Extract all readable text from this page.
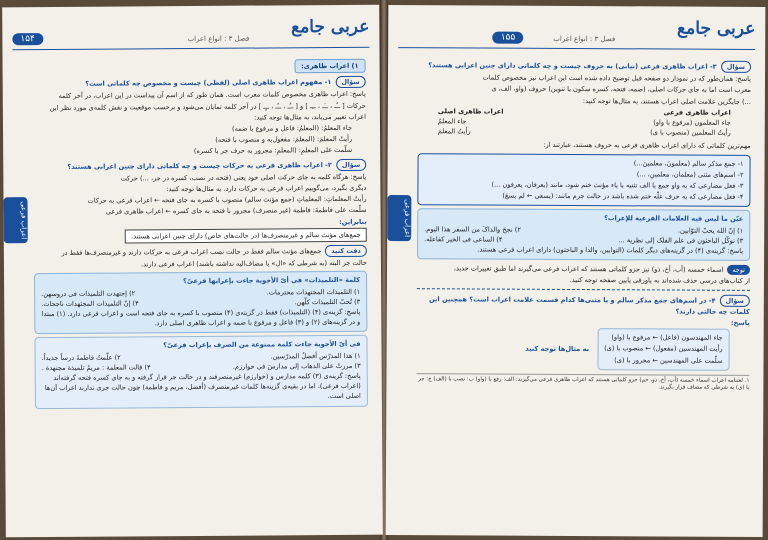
عربی جامع
فصل ۳ : انواع اعراب
۱۵۴
اعراب فرعی
۱) اعراب ظاهری:

سؤال۱- مفهوم اعراب ظاهری اصلی (لفظی) چیست و مخصوص چه کلماتی است؟

پاسخ: اعراب ظاهری مخصوص کلمات معرب است. همان طور که از اسم آن پیداست در این اعراب، در آخر کلمه

حرکات [ ــُـ ، ــَـ ، ــِـ ] و [ ــٌـ ، ــًـ ، ــٍـ ] در آخر کلمه نمایان می‌شود و برحسب موقعیت و نقش کلمه‌ی مورد نظر این

اعراب تغییر می‌یابد، به مثال‌ها توجه کنید:

جاء المعلمُ: (المعلمُ: فاعل و مرفوع با ضمه)

رأیتُ المعلمَ: (المعلمَ: مفعول‌به و منصوب با فتحه)

سلّمت علی المعلمِ: (المعلمِ: مجرور به حرف جر با کسره)

سؤال۲- اعراب ظاهری فرعی به حرکات چیست و چه کلماتی دارای چنین اعرابی هستند؟

پاسخ: هرگاه کلمه به جای حرکت اصلی خود یعنی (فتحه در نصب، کسره در جر، ...) حرکت

دیگری بگیرد، می‌گوییم اعراب فرعی به حرکات دارد. به مثال‌ها توجه کنید:

رأیتُ المعلماتِ: المعلماتِ (جمع مؤنث سالم) منصوب با کسره به جای فتحه ← اعراب فرعی به حرکات

سلّمت علی فاطمةَ: فاطمة (غیر منصرف) مجرور با فتحه به جای کسره ← اعراب ظاهری فرعی

بنابراین:

جمع‌های مؤنث سالم و غیرمنصرف‌ها (در حالت‌های خاص) دارای چنین اعرابی هستند.

دقت کنیدجمع‌های مؤنث سالم فقط در حالت نصب اعراب فرعی به حرکات دارند و غیرمنصرف‌ها فقط در

حالت جر البته (به شرطی که «ال» یا مضاف‌الیه نداشته باشند) اعراب فرعی دارند.

کلمة «التلمیذات» فی أیّ الأجوبة جاءت بإعرابها فرعیّ؟

۱) التلمیذات المجتهدات محترمات.
۲) إجتهدت التلمیذات فی دروسهن.
۳) تُحبّ التلمیذات کلّهن.
۴) إنّ التلمیذات المجتهدات ناجحات.

پاسخ: گزینه‌ی (۴) (التلمیذات) فقط در گزینه‌ی (۴) منصوب با کسره به جای فتحه است و اعراب فرعی دارد. (۱) مبتدا و در گزینه‌های (۲) و (۳) فاعل و مرفوع با ضمه و اعراب ظاهری اصلی دارد.

فی أیّ الأجوبة جاءت کلمة ممنوعة من الصرف بإعراب فرعیّ؟

۱) هذا المدرّس أفضلُ المدرّسین.
۲) علّمتُ فاطمةَ درساً جدیداً.
۳) مررتُ علی الذهاب إلی مدارسَ فی خوارزم.
۴) قالت المعلمة : مریمُ تلمیذة مجتهدة .

پاسخ: گزینه‌ی (۳) کلمه مدارس و (خوارزم) غیرمنصرفند و در حالت جر قرار گرفته و به جای کسره فتحه گرفته‌اند (اعراب فرعی). اما در بقیه‌ی گزینه‌ها کلمات غیرمنصرف (أفضل، مریم و فاطمة) چون حالت جری ندارند اعراب آن‌ها اصلی است.

عربی جامع
فصل ۳ : انواع اعراب
۱۵۵
اعراب فرعی

سؤال۳- اعراب ظاهری فرعی (نیابی) به حروف چیست و چه کلماتی دارای چنین اعرابی هستند؟

پاسخ: همان‌طور که در نمودار دو صفحه قبل توضیح داده شده است این اعراب نیز مخصوص کلمات

معرب است اما به جای حرکات اصلی، (ضمه، فتحه، کسره سکون یا تنوین) حروف (واو، الف، ی

...) جایگزین علامت اصلی اعراب هستند، به مثال‌ها توجه کنید:

اعراب ظاهری فرعی
اعراب ظاهری اصلی
جاء المعلمون (مرفوع با واو)
جاء المعلمُ
رأیتُ المعلمین (منصوب با ی)
رأیتُ المعلمَ

مهم‌ترین کلماتی که دارای اعراب ظاهری فرعی به حروف هستند، عبارتند از:

۱- جمع مذکر سالم (معلمونَ، معلمینَ...)

۲- اسم‌های مثنی (معلمان، معلمینِ، ...)

۳- فعل مضارعی که به واو جمع یا الف تثنیه یا یاء مؤنث ختم شود، مانند (یعرفان، یعرفون ...)

۴- فعل مضارعی که به حرف علّه ختم شده باشد در حالت جزم مانند: (یسعی ← لم یسعَ)

عیّن ما لیس فیه العلامات الفرعیة للإعراب؟

۱) إنّ الله یحبّ التوّابین.
۲) نجحَ والداکَ من السفر هذا الیوم.
۳) توکّل الباحثون فی علم الفلک إلی نظریة ...
۴) الساعی فی الخیر کفاعله.

پاسخ: گزینه‌ی (۴) در گزینه‌های دیگر کلمات (التوابین، والدا و الباحثون) دارای اعراب فرعی هستند.

توجهاسماء خمسه (أب، أخ، ذو) نیز جزو کلماتی هستند که اعراب فرعی می‌گیرند اما طبق تغییرات جدید،

از کتاب‌های درسی حذف شده‌اند به پاورقی پایین صفحه توجه کنید.

سؤال۴- در اسم‌های جمع مذکر سالم و یا مثنی‌ها کدام قسمت علامت اعراب است؟ همچنین این کلمات چه حالتی دارند؟

پاسخ:

جاء المهندسون (فاعل) ← مرفوع با (واو)

رأیت المهندسین (مفعول) ← منصوب با (ی)

سلّمت علی المهندسین ← مجرور با (ی)

به مثال‌ها توجه کنید
۱. لغتنامه اعراب اسماء خمسه (أب، أخ، ذو، حم) جزو کلماتی هستند که اعراب ظاهری فرعی می‌گیرند: الف: رفع با (واو) ب: نصب با (الف) ج: جر با (ی) به شرطی که مضاف قرار بگیرند.
